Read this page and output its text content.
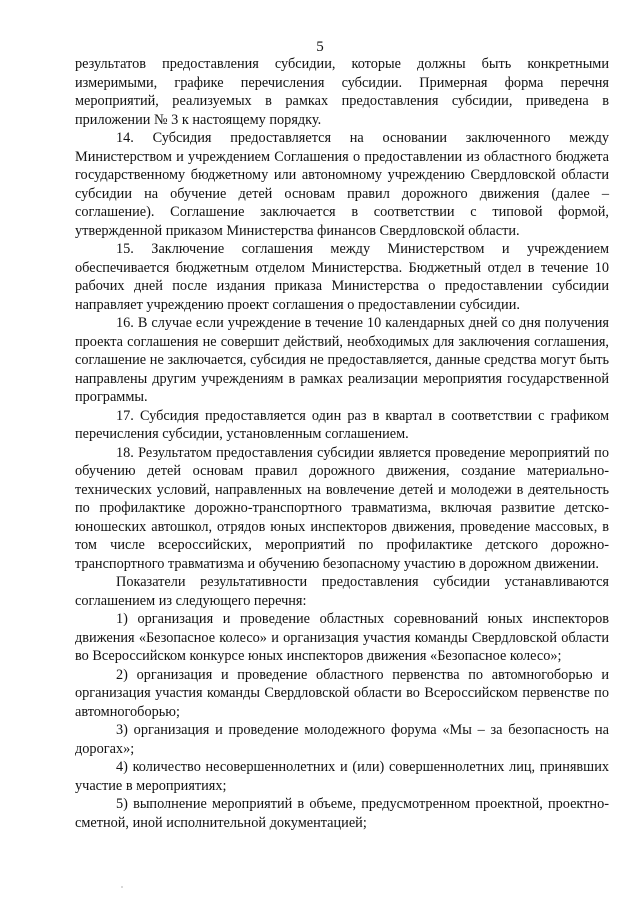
5

результатов предоставления субсидии, которые должны быть конкретными измеримыми, графике перечисления субсидии. Примерная форма перечня мероприятий, реализуемых в рамках предоставления субсидии, приведена в приложении № 3 к настоящему порядку.

14. Субсидия предоставляется на основании заключенного между Министерством и учреждением Соглашения о предоставлении из областного бюджета государственному бюджетному или автономному учреждению Свердловской области субсидии на обучение детей основам правил дорожного движения (далее – соглашение). Соглашение заключается в соответствии с типовой формой, утвержденной приказом Министерства финансов Свердловской области.

15. Заключение соглашения между Министерством и учреждением обеспечивается бюджетным отделом Министерства. Бюджетный отдел в течение 10 рабочих дней после издания приказа Министерства о предоставлении субсидии направляет учреждению проект соглашения о предоставлении субсидии.

16. В случае если учреждение в течение 10 календарных дней со дня получения проекта соглашения не совершит действий, необходимых для заключения соглашения, соглашение не заключается, субсидия не предоставляется, данные средства могут быть направлены другим учреждениям в рамках реализации мероприятия государственной программы.

17. Субсидия предоставляется один раз в квартал в соответствии с графиком перечисления субсидии, установленным соглашением.

18. Результатом предоставления субсидии является проведение мероприятий по обучению детей основам правил дорожного движения, создание материально-технических условий, направленных на вовлечение детей и молодежи в деятельность по профилактике дорожно-транспортного травматизма, включая развитие детско-юношеских автошкол, отрядов юных инспекторов движения, проведение массовых, в том числе всероссийских, мероприятий по профилактике детского дорожно-транспортного травматизма и обучению безопасному участию в дорожном движении.

Показатели результативности предоставления субсидии устанавливаются соглашением из следующего перечня:

1) организация и проведение областных соревнований юных инспекторов движения «Безопасное колесо» и организация участия команды Свердловской области во Всероссийском конкурсе юных инспекторов движения «Безопасное колесо»;

2) организация и проведение областного первенства по автомногоборью и организация участия команды Свердловской области во Всероссийском первенстве по автомногоборью;

3) организация и проведение молодежного форума «Мы – за безопасность на дорогах»;

4) количество несовершеннолетних и (или) совершеннолетних лиц, принявших участие в мероприятиях;

5) выполнение мероприятий в объеме, предусмотренном проектной, проектно-сметной, иной исполнительной документацией;
